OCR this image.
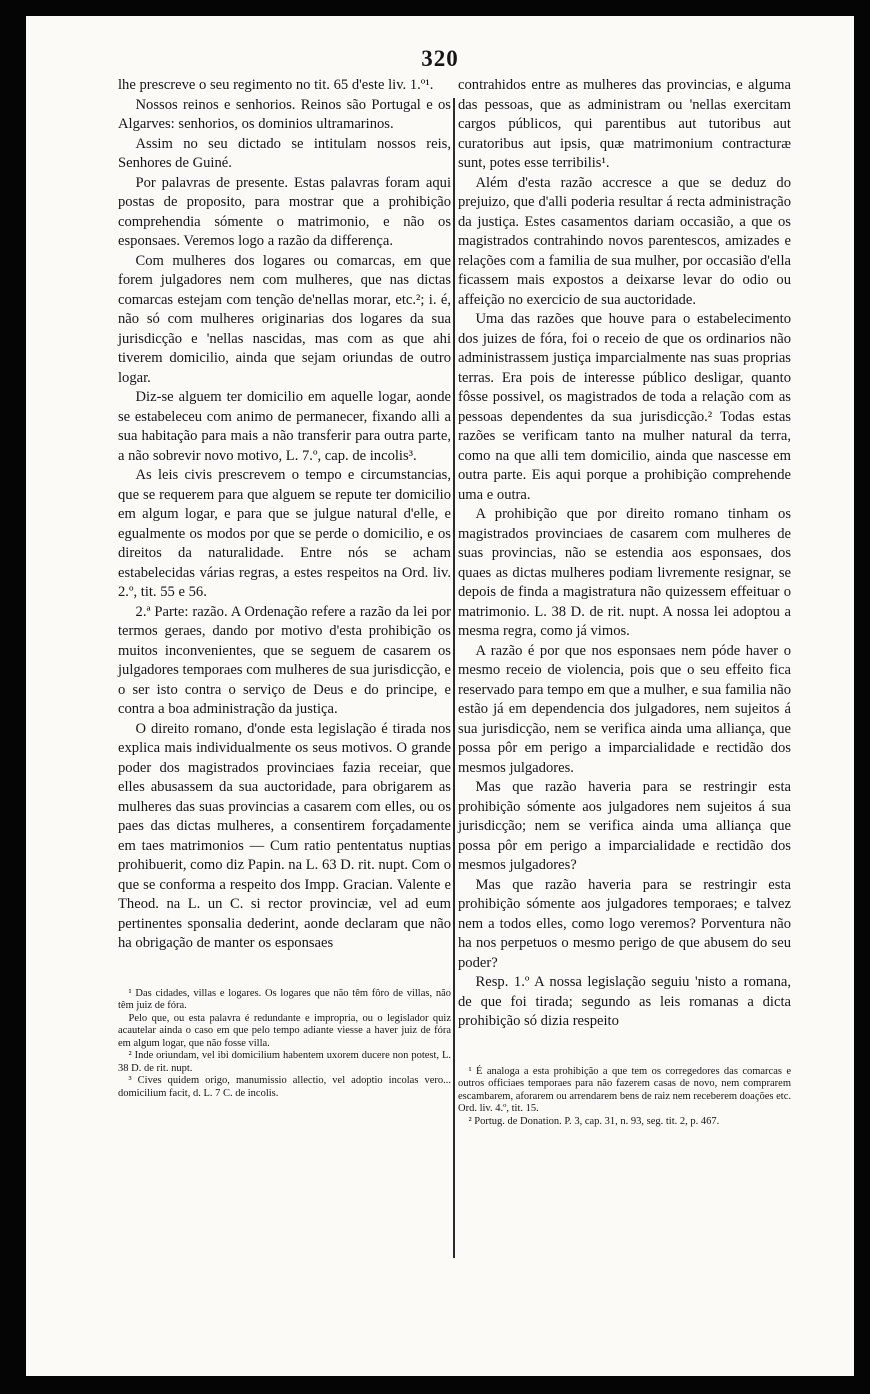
320

lhe prescreve o seu regimento no tit. 65 d'este liv. 1.º¹.

Nossos reinos e senhorios. Reinos são Portugal e os Algarves: senhorios, os dominios ultramarinos.

Assim no seu dictado se intitulam nossos reis, Senhores de Guiné.

Por palavras de presente. Estas palavras foram aqui postas de proposito, para mostrar que a prohibição comprehendia sómente o matrimonio, e não os esponsaes. Veremos logo a razão da differença.

Com mulheres dos logares ou comarcas, em que forem julgadores nem com mulheres, que nas dictas comarcas estejam com tenção de'nellas morar, etc.²; i. é, não só com mulheres originarias dos logares da sua jurisdicção e 'nellas nascidas, mas com as que ahi tiverem domicilio, ainda que sejam oriundas de outro logar.

Diz-se alguem ter domicilio em aquelle logar, aonde se estabeleceu com animo de permanecer, fixando alli a sua habitação para mais a não transferir para outra parte, a não sobrevir novo motivo, L. 7.º, cap. de incolis³.

As leis civis prescrevem o tempo e circumstancias, que se requerem para que alguem se repute ter domicilio em algum logar, e para que se julgue natural d'elle, e egualmente os modos por que se perde o domicilio, e os direitos da naturalidade. Entre nós se acham estabelecidas várias regras, a estes respeitos na Ord. liv. 2.º, tit. 55 e 56.

2.ª Parte: razão. A Ordenação refere a razão da lei por termos geraes, dando por motivo d'esta prohibição os muitos inconvenientes, que se seguem de casarem os julgadores temporaes com mulheres de sua jurisdicção, e o ser isto contra o serviço de Deus e do principe, e contra a boa administração da justiça.

O direito romano, d'onde esta legislação é tirada nos explica mais individualmente os seus motivos. O grande poder dos magistrados provinciaes fazia receiar, que elles abusassem da sua auctoridade, para obrigarem as mulheres das suas provincias a casarem com elles, ou os paes das dictas mulheres, a consentirem forçadamente em taes matrimonios — Cum ratio pententatus nuptias prohibuerit, como diz Papin. na L. 63 D. rit. nupt. Com o que se conforma a respeito dos Impp. Gracian. Valente e Theod. na L. un C. si rector provinciæ, vel ad eum pertinentes sponsalia dederint, aonde declaram que não ha obrigação de manter os esponsaes

¹ Das cidades, villas e logares. Os logares que não têm fôro de villas, não têm juiz de fóra.

Pelo que, ou esta palavra é redundante e impropria, ou o legislador quiz acautelar ainda o caso em que pelo tempo adiante viesse a haver juiz de fóra em algum logar, que não fosse villa.

² Inde oriundam, vel ibi domicilium habentem uxorem ducere non potest, L. 38 D. de rit. nupt.

³ Cives quidem origo, manumissio allectio, vel adoptio incolas vero... domicilium facit, d. L. 7 C. de incolis.

contrahidos entre as mulheres das provincias, e alguma das pessoas, que as administram ou 'nellas exercitam cargos públicos, qui parentibus aut tutoribus aut curatoribus aut ipsis, quæ matrimonium contracturæ sunt, potes esse terribilis¹.

Além d'esta razão accresce a que se deduz do prejuizo, que d'alli poderia resultar á recta administração da justiça. Estes casamentos dariam occasião, a que os magistrados contrahindo novos parentescos, amizades e relações com a familia de sua mulher, por occasião d'ella ficassem mais expostos a deixarse levar do odio ou affeição no exercicio de sua auctoridade.

Uma das razões que houve para o estabelecimento dos juizes de fóra, foi o receio de que os ordinarios não administrassem justiça imparcialmente nas suas proprias terras. Era pois de interesse público desligar, quanto fôsse possivel, os magistrados de toda a relação com as pessoas dependentes da sua jurisdicção.² Todas estas razões se verificam tanto na mulher natural da terra, como na que alli tem domicilio, ainda que nascesse em outra parte. Eis aqui porque a prohibição comprehende uma e outra.

A prohibição que por direito romano tinham os magistrados provinciaes de casarem com mulheres de suas provincias, não se estendia aos esponsaes, dos quaes as dictas mulheres podiam livremente resignar, se depois de finda a magistratura não quizessem effeituar o matrimonio. L. 38 D. de rit. nupt. A nossa lei adoptou a mesma regra, como já vimos.

A razão é por que nos esponsaes nem póde haver o mesmo receio de violencia, pois que o seu effeito fica reservado para tempo em que a mulher, e sua familia não estão já em dependencia dos julgadores, nem sujeitos á sua jurisdicção, nem se verifica ainda uma alliança, que possa pôr em perigo a imparcialidade e rectidão dos mesmos julgadores.

Mas que razão haveria para se restringir esta prohibição sómente aos julgadores nem sujeitos á sua jurisdicção; nem se verifica ainda uma alliança que possa pôr em perigo a imparcialidade e rectidão dos mesmos julgadores?

Mas que razão haveria para se restringir esta prohibição sómente aos julgadores temporaes; e talvez nem a todos elles, como logo veremos? Porventura não ha nos perpetuos o mesmo perigo de que abusem do seu poder?

Resp. 1.º A nossa legislação seguiu 'nisto a romana, de que foi tirada; segundo as leis romanas a dicta prohibição só dizia respeito

¹ É analoga a esta prohibição a que tem os corregedores das comarcas e outros officiaes temporaes para não fazerem casas de novo, nem comprarem escambarem, aforarem ou arrendarem bens de raiz nem receberem doações etc. Ord. liv. 4.º, tit. 15.

² Portug. de Donation. P. 3, cap. 31, n. 93, seg. tit. 2, p. 467.
